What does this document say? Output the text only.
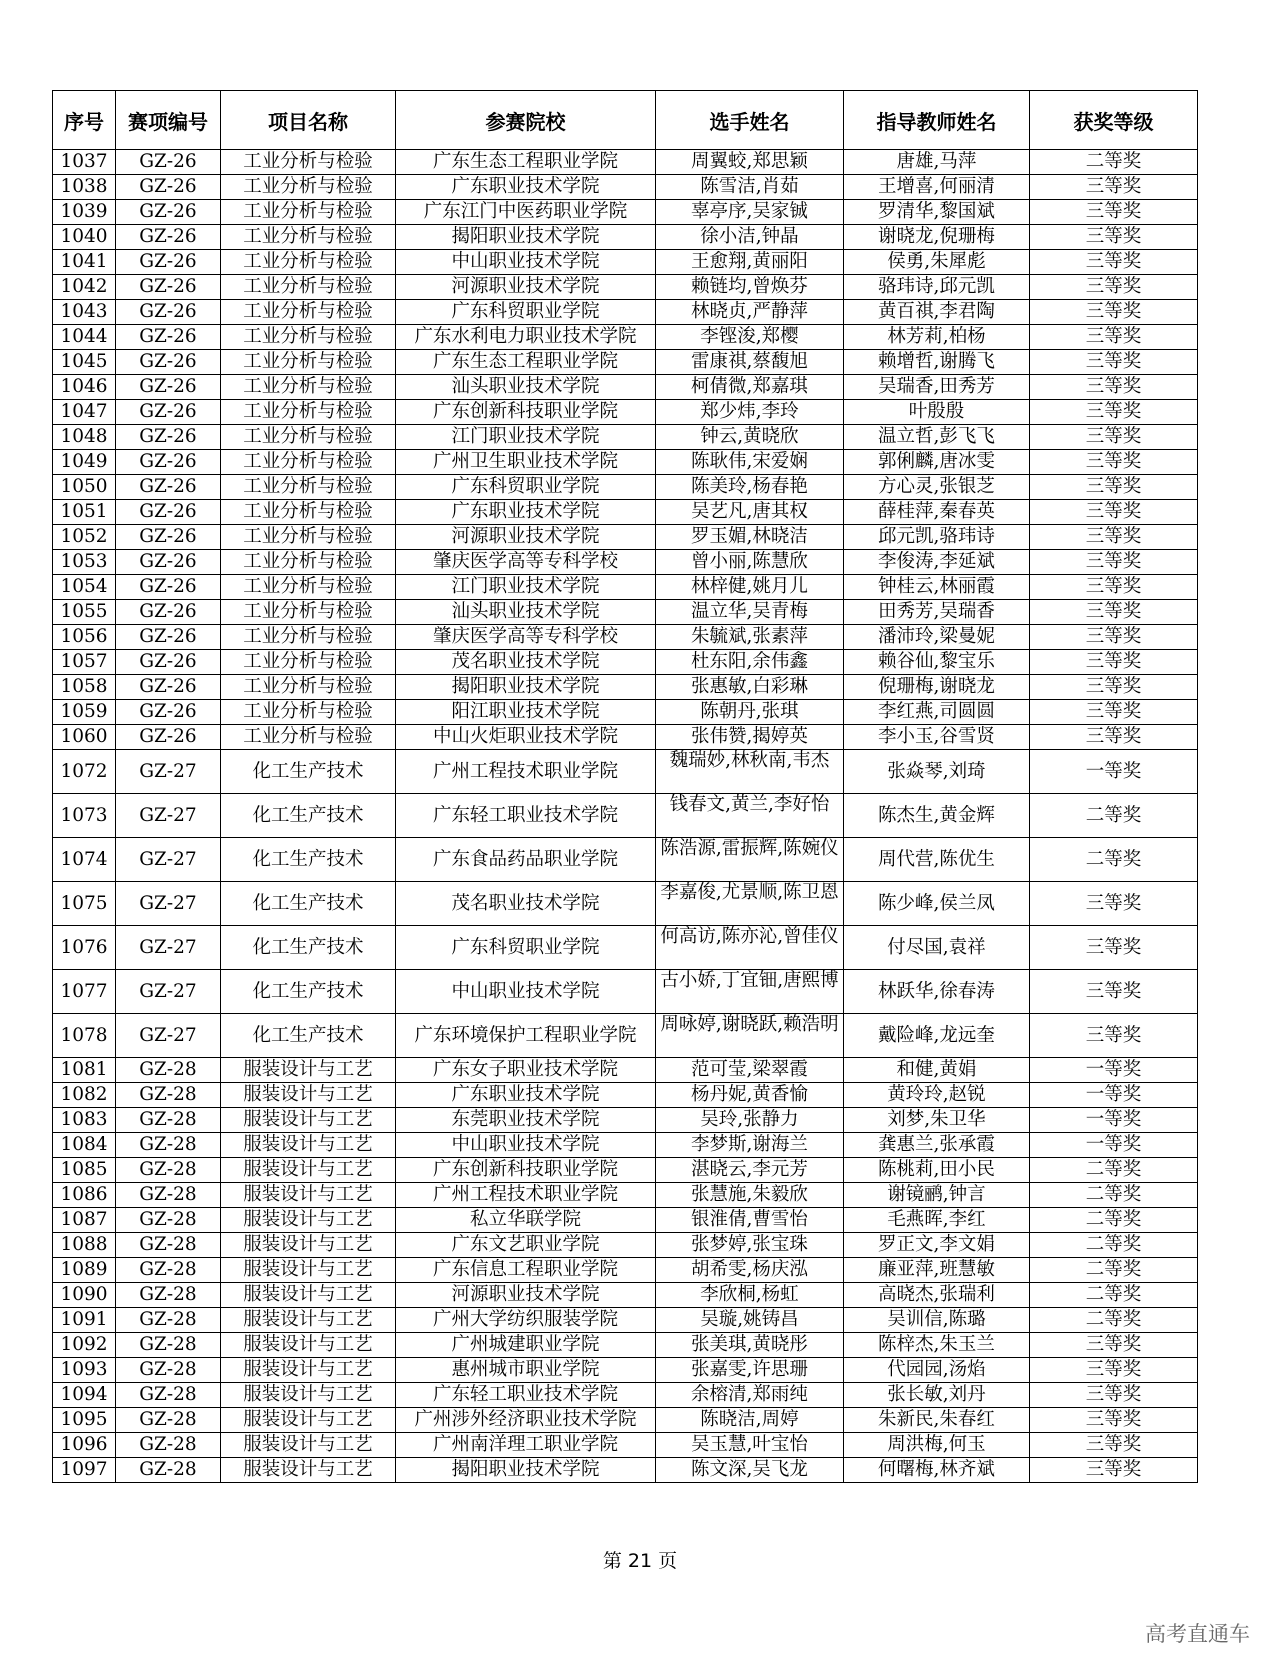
序号	赛项编号	项目名称	参赛院校	选手姓名	指导教师姓名	获奖等级
1037	GZ-26	工业分析与检验	广东生态工程职业学院	周翼蛟,郑思颖	唐雄,马萍	二等奖
1038	GZ-26	工业分析与检验	广东职业技术学院	陈雪洁,肖茹	王增喜,何丽清	三等奖
1039	GZ-26	工业分析与检验	广东江门中医药职业学院	辜亭序,吴家铖	罗清华,黎国斌	三等奖
1040	GZ-26	工业分析与检验	揭阳职业技术学院	徐小洁,钟晶	谢晓龙,倪珊梅	三等奖
1041	GZ-26	工业分析与检验	中山职业技术学院	王愈翔,黄丽阳	侯勇,朱犀彪	三等奖
1042	GZ-26	工业分析与检验	河源职业技术学院	赖链均,曾焕芬	骆玮诗,邱元凯	三等奖
1043	GZ-26	工业分析与检验	广东科贸职业学院	林晓贞,严静萍	黄百祺,李君陶	三等奖
1044	GZ-26	工业分析与检验	广东水利电力职业技术学院	李铿浚,郑樱	林芳莉,柏杨	三等奖
1045	GZ-26	工业分析与检验	广东生态工程职业学院	雷康祺,蔡馥旭	赖增哲,谢腾飞	三等奖
1046	GZ-26	工业分析与检验	汕头职业技术学院	柯倩微,郑嘉琪	吴瑞香,田秀芳	三等奖
1047	GZ-26	工业分析与检验	广东创新科技职业学院	郑少炜,李玲	叶殷殷	三等奖
1048	GZ-26	工业分析与检验	江门职业技术学院	钟云,黄晓欣	温立哲,彭飞飞	三等奖
1049	GZ-26	工业分析与检验	广州卫生职业技术学院	陈耿伟,宋爱娴	郭俐麟,唐冰雯	三等奖
1050	GZ-26	工业分析与检验	广东科贸职业学院	陈美玲,杨春艳	方心灵,张银芝	三等奖
1051	GZ-26	工业分析与检验	广东职业技术学院	吴艺凡,唐其权	薛桂萍,秦春英	三等奖
1052	GZ-26	工业分析与检验	河源职业技术学院	罗玉媚,林晓洁	邱元凯,骆玮诗	三等奖
1053	GZ-26	工业分析与检验	肇庆医学高等专科学校	曾小丽,陈慧欣	李俊涛,李延斌	三等奖
1054	GZ-26	工业分析与检验	江门职业技术学院	林梓健,姚月儿	钟桂云,林丽霞	三等奖
1055	GZ-26	工业分析与检验	汕头职业技术学院	温立华,吴青梅	田秀芳,吴瑞香	三等奖
1056	GZ-26	工业分析与检验	肇庆医学高等专科学校	朱毓斌,张素萍	潘沛玲,梁曼妮	三等奖
1057	GZ-26	工业分析与检验	茂名职业技术学院	杜东阳,余伟鑫	赖谷仙,黎宝乐	三等奖
1058	GZ-26	工业分析与检验	揭阳职业技术学院	张惠敏,白彩琳	倪珊梅,谢晓龙	三等奖
1059	GZ-26	工业分析与检验	阳江职业技术学院	陈朝丹,张琪	李红燕,司圆圆	三等奖
1060	GZ-26	工业分析与检验	中山火炬职业技术学院	张伟赞,揭婷英	李小玉,谷雪贤	三等奖
1072	GZ-27	化工生产技术	广州工程技术职业学院	魏瑞妙,林秋南,韦杰	张焱琴,刘琦	一等奖
1073	GZ-27	化工生产技术	广东轻工职业技术学院	钱春文,黄兰,李好怡	陈杰生,黄金辉	二等奖
1074	GZ-27	化工生产技术	广东食品药品职业学院	陈浩源,雷振辉,陈婉仪	周代营,陈优生	二等奖
1075	GZ-27	化工生产技术	茂名职业技术学院	李嘉俊,尤景顺,陈卫恩	陈少峰,侯兰凤	三等奖
1076	GZ-27	化工生产技术	广东科贸职业学院	何高访,陈亦沁,曾佳仪	付尽国,袁祥	三等奖
1077	GZ-27	化工生产技术	中山职业技术学院	古小娇,丁宜钿,唐熙博	林跃华,徐春涛	三等奖
1078	GZ-27	化工生产技术	广东环境保护工程职业学院	周咏婷,谢晓跃,赖浩明	戴险峰,龙远奎	三等奖
1081	GZ-28	服装设计与工艺	广东女子职业技术学院	范可莹,梁翠霞	和健,黄娟	一等奖
1082	GZ-28	服装设计与工艺	广东职业技术学院	杨丹妮,黄香愉	黄玲玲,赵锐	一等奖
1083	GZ-28	服装设计与工艺	东莞职业技术学院	吴玲,张静力	刘梦,朱卫华	一等奖
1084	GZ-28	服装设计与工艺	中山职业技术学院	李梦斯,谢海兰	龚惠兰,张承霞	一等奖
1085	GZ-28	服装设计与工艺	广东创新科技职业学院	湛晓云,李元芳	陈桃莉,田小民	二等奖
1086	GZ-28	服装设计与工艺	广州工程技术职业学院	张慧施,朱毅欣	谢镜鹂,钟言	二等奖
1087	GZ-28	服装设计与工艺	私立华联学院	银淮倩,曹雪怡	毛燕晖,李红	二等奖
1088	GZ-28	服装设计与工艺	广东文艺职业学院	张梦婷,张宝珠	罗正文,李文娟	二等奖
1089	GZ-28	服装设计与工艺	广东信息工程职业学院	胡希雯,杨庆泓	廉亚萍,班慧敏	二等奖
1090	GZ-28	服装设计与工艺	河源职业技术学院	李欣桐,杨虹	高晓杰,张瑞利	二等奖
1091	GZ-28	服装设计与工艺	广州大学纺织服装学院	吴璇,姚铸昌	吴训信,陈璐	二等奖
1092	GZ-28	服装设计与工艺	广州城建职业学院	张美琪,黄晓彤	陈梓杰,朱玉兰	三等奖
1093	GZ-28	服装设计与工艺	惠州城市职业学院	张嘉雯,许思珊	代园园,汤焰	三等奖
1094	GZ-28	服装设计与工艺	广东轻工职业技术学院	余榕清,郑雨纯	张长敏,刘丹	三等奖
1095	GZ-28	服装设计与工艺	广州涉外经济职业技术学院	陈晓洁,周婷	朱新民,朱春红	三等奖
1096	GZ-28	服装设计与工艺	广州南洋理工职业学院	吴玉慧,叶宝怡	周洪梅,何玉	三等奖
1097	GZ-28	服装设计与工艺	揭阳职业技术学院	陈文深,吴飞龙	何曙梅,林齐斌	三等奖
第 21 页
高考直通车
